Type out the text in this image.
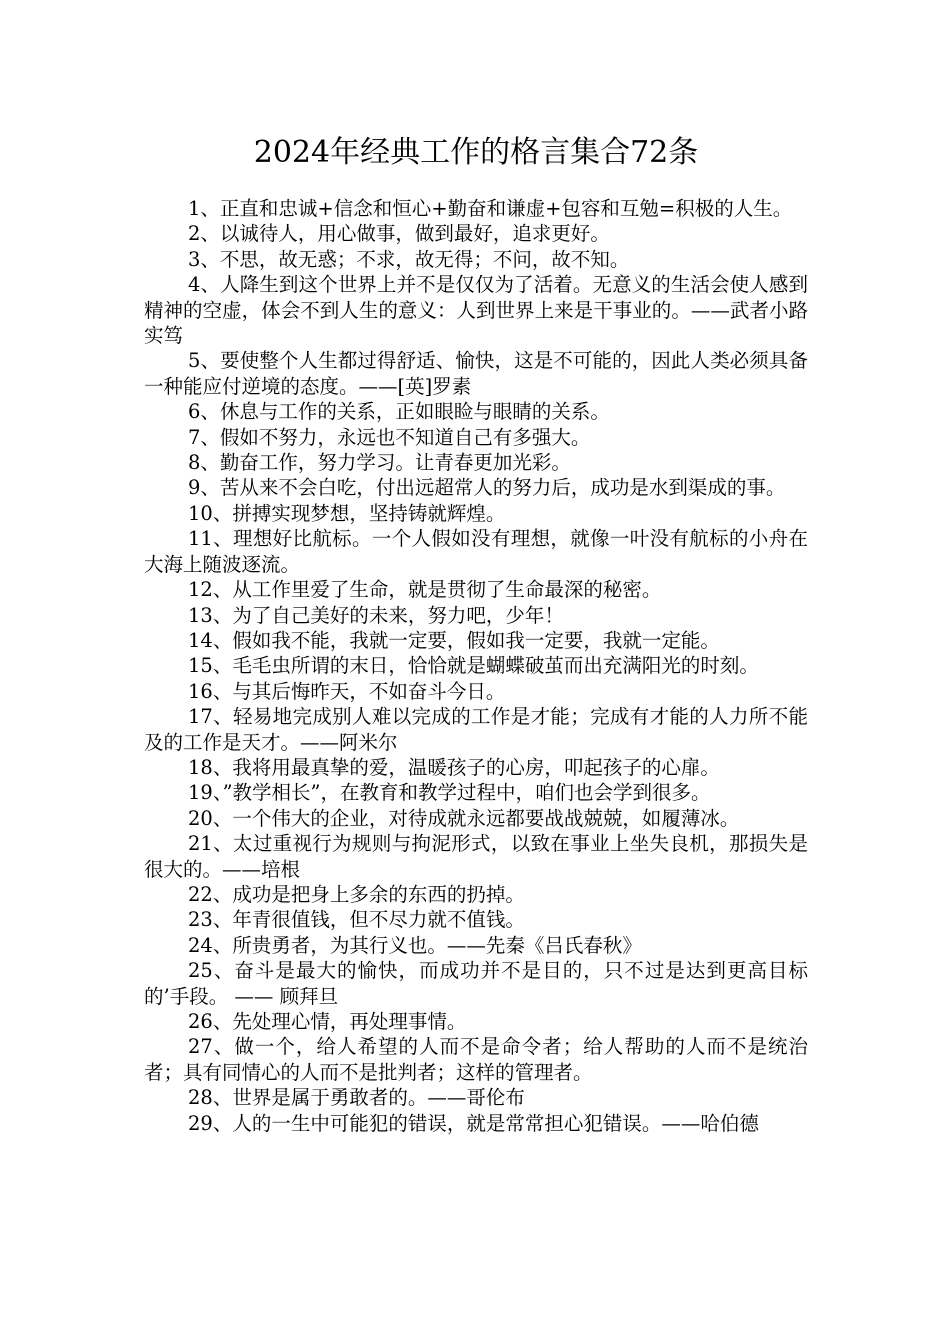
2024年经典工作的格言集合72条

1、正直和忠诚+信念和恒心+勤奋和谦虚+包容和互勉=积极的人生。

2、以诚待人，用心做事，做到最好，追求更好。

3、不思，故无惑；不求，故无得；不问，故不知。

4、人降生到这个世界上并不是仅仅为了活着。无意义的生活会使人感到精神的空虚，体会不到人生的意义：人到世界上来是干事业的。——武者小路实笃

5、要使整个人生都过得舒适、愉快，这是不可能的，因此人类必须具备一种能应付逆境的态度。——[英]罗素

6、休息与工作的关系，正如眼睑与眼睛的关系。

7、假如不努力，永远也不知道自己有多强大。

8、勤奋工作，努力学习。让青春更加光彩。

9、苦从来不会白吃，付出远超常人的努力后，成功是水到渠成的事。

10、拼搏实现梦想，坚持铸就辉煌。

11、理想好比航标。一个人假如没有理想，就像一叶没有航标的小舟在大海上随波逐流。

12、从工作里爱了生命，就是贯彻了生命最深的秘密。

13、为了自己美好的未来，努力吧，少年！

14、假如我不能，我就一定要，假如我一定要，我就一定能。

15、毛毛虫所谓的末日，恰恰就是蝴蝶破茧而出充满阳光的时刻。

16、与其后悔昨天，不如奋斗今日。

17、轻易地完成别人难以完成的工作是才能；完成有才能的人力所不能及的工作是天才。——阿米尔

18、我将用最真挚的爱，温暖孩子的心房，叩起孩子的心扉。

19、”教学相长”，在教育和教学过程中，咱们也会学到很多。

20、一个伟大的企业，对待成就永远都要战战兢兢，如履薄冰。

21、太过重视行为规则与拘泥形式，以致在事业上坐失良机，那损失是很大的。——培根

22、成功是把身上多余的东西的扔掉。

23、年青很值钱，但不尽力就不值钱。

24、所贵勇者，为其行义也。——先秦《吕氏春秋》

25、奋斗是最大的愉快，而成功并不是目的，只不过是达到更高目标的’手段。 —— 顾拜旦

26、先处理心情，再处理事情。

27、做一个，给人希望的人而不是命令者；给人帮助的人而不是统治者；具有同情心的人而不是批判者；这样的管理者。

28、世界是属于勇敢者的。——哥伦布

29、人的一生中可能犯的错误，就是常常担心犯错误。——哈伯德
